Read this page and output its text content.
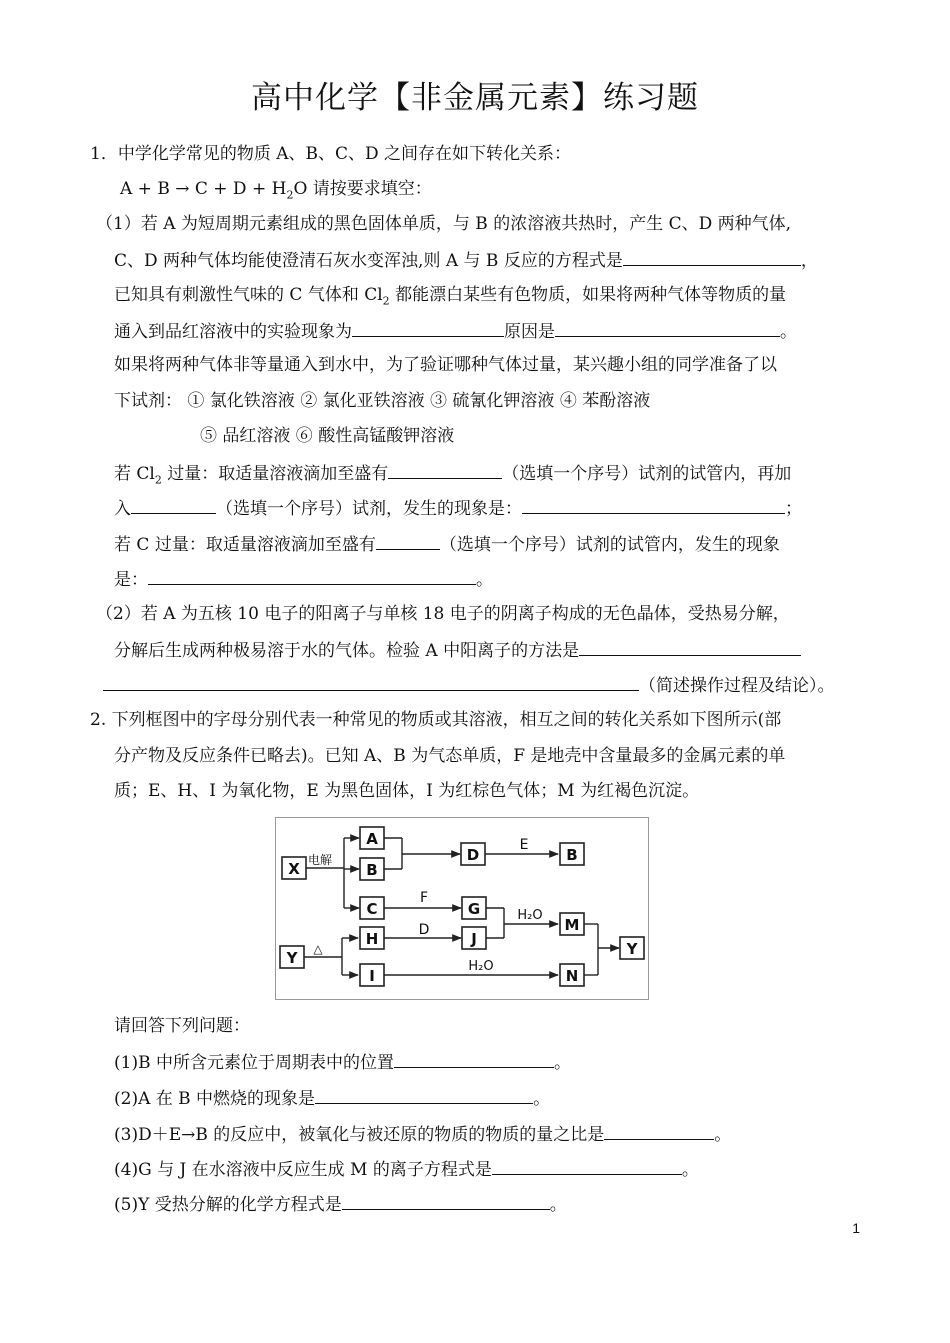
高中化学【非金属元素】练习题
1．中学化学常见的物质 A、B、C、D 之间存在如下转化关系：
$A + B \to C + D + H_2O$ 请按要求填空：
（1）若 A 为短周期元素组成的黑色固体单质，与 B 的浓溶液共热时，产生 C、D 两种气体,
C、D 两种气体均能使澄清石灰水变浑浊,则 A 与 B 反应的方程式是	，
已知具有刺激性气味的 C 气体和 $Cl_2$ 都能漂白某些有色物质，如果将两种气体等物质的量
通入到品红溶液中的实验现象为	原因是	。
如果将两种气体非等量通入到水中，为了验证哪种气体过量，某兴趣小组的同学准备了以
下试剂： ① 氯化铁溶液 ② 氯化亚铁溶液 ③ 硫氰化钾溶液 ④ 苯酚溶液
⑤ 品红溶液 ⑥ 酸性高锰酸钾溶液
若 $Cl_2$ 过量：取适量溶液滴加至盛有	（选填一个序号）试剂的试管内，再加
入	（选填一个序号）试剂，发生的现象是：	；
若 C 过量：取适量溶液滴加至盛有	（选填一个序号）试剂的试管内，发生的现象
是：	。
（2）若 A 为五核 10 电子的阳离子与单核 18 电子的阴离子构成的无色晶体，受热易分解，
分解后生成两种极易溶于水的气体。检验 A 中阳离子的方法是
（简述操作过程及结论）。
2. 下列框图中的字母分别代表一种常见的物质或其溶液，相互之间的转化关系如下图所示(部
分产物及反应条件已略去)。已知 A、B 为气态单质，F 是地壳中含量最多的金属元素的单
质；E、H、I 为氧化物，E 为黑色固体，I 为红棕色气体；M 为红褐色沉淀。
X
A
B
C
D	B
G
J
M
Y
H
I	N
Y
电解
△
E
F
D
H₂O
H₂O
请回答下列问题：
(1)B 中所含元素位于周期表中的位置	。
(2)A 在 B 中燃烧的现象是	。
(3)D＋E→B 的反应中，被氧化与被还原的物质的物质的量之比是	。
(4)G 与 J 在水溶液中反应生成 M 的离子方程式是	。
(5)Y 受热分解的化学方程式是	。
1
